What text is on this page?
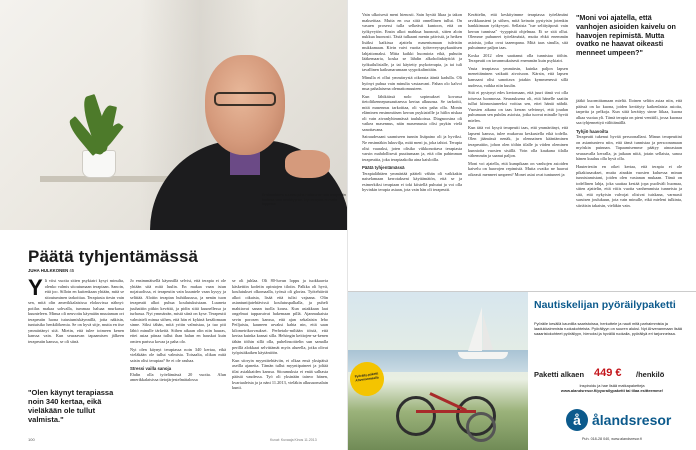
Ensimmäinen suuden juha Hulkkonen sitä terapeutin tuntissa vain nenäkyyntin. Nyt terapiaa ei malla tuppeina.
Päätä tyhjentämässä
JUHA HULKKONEN 45
Y li viisi vuotta sitten psykiatri kysyi minulta, olenko valmis sitoutumaan terapiaan. Sanoin, että joo. Silloin en kuitenkaan yhtään, mitä se sitoutuminen tarkoittaa. Terapiasta tiesin vain sen, mitä olin amerikkalaisissa elokuvissa nähnyt: potilas makaa sohvalla, tummaa haluaa murkassa kuunteleen. Minua oli neuvottu käymään muutaman ort terapeutin luona tutustumiskäynnillä, jotta näkisin, tuntuisiko henkilökemia. Se on hyvä sitje, mutta en itse ymmärtänyt sitä. Mietin, että tulee toimeen kenen kanssa vain. Kun seuraavan tapaamisen jälkeen terapeutin kanssa, se oli siinä.
"Olen käynyt terapiassa noin 340 kertaa, eikä vieläkään ole tullut valmista."
Jo ensimmäisellä käynnillä selvisi, että terapia ei ole yhtään sitä mitä luulin. En makaa vaan istun nojatuolissa, ei terapeutin vain kuuntele vaan kysyy ja selittää. Aloitin terapian huhtikuussa, ja nenän tuon terapeutti alkoi puhua koulutuksistaan. Luuneta juuhattiin pitkin kevättä, ja pidin siitä kuunellessa ja turhassa. Nyt ymmärrän, mistä siinä on kyse. Terapeutti valmisteli minua siihen, että hän ei kykinä kesälomaan sinne. Siksi tähän, mitä yritin valmistaa, ja tuo piti lähtö minulle tärkeitä. Siihen aikaan olin niin hauras, ettei asiaa piinaa tullut ihan halun en hauskat kuin omien parissa kovaa ja paha olo.
Nyt olen käynyt terapiassa noin 340 kertaa, eikä vieläkään ole tullut valmista. Toisaalta, olikan mitä saisin olisi terapiaa? Se ei ole rauhaa.
Stressi vailla sanoja
Ehdin olla työelämässä 20 vuotta. Alun amerikkalaisissa tietojärjestelmätalossa
se oli juhlaa. Oli 80-luvun loppu ja tuokkaavia käskettiin kodeiin opintojen tiloiin. Palkka oli hyvä, koulutukset olkomaalla, työssä oli glorias. Työtehtävät alkoi oikaista, lisää että tulisi vajaana. Olin asiantuntijatehtävissä koulutuspalkalla, ja puheli mahtiavat sanan tuolla kouss. Kun asiakkaan laat ongelmat tapparuivat hakemaan pillä. Ajanmukaista sevin porosen kanssa, että ajan sekalaisin leho Peiljaistu, kauneen arvaksi kahta nin, että saan kilometrikorvaukset. Perhetalo-miltään töistä, että kertaa kuinka kansai silla. Helsingin keittojen-sa-kenen tähän töihin sillä olla, puhelinsoittelin sun samalla perillä alokkaat selvittämät myös alueella, jotka olivat työpistäkaiken käytäntöön.
Kun siirryin myyntitehtäviin, ei olkaa ensä yksipäisä aseilla ajaneita. Tämän tullut myyntipaineet ja joltää tilat asiakkaiden kanssa. Sitoumuksia ei enää salhasta päästä vaudessa. Työ oli yksinään tainvo hänen, kvartaaleista ja ja näni 11.2013, vieläkin alkusuomalain kunti.
100	Kuvat: Kuvaaja Kinos 11.2013
Vain ulkoisesti meni hienosti. Sain hyvää likaa ja takon makseittaa. Mutta en osa siitä onnellinen tullut. On vasuen prosessi tulla selkeästi kuntoon, että on työkyvytön. Ensin alkoi mahkua huonosti, sitten aloin nukkua huonosti. Tästä tulkaani menin päivistä, ja hetken lisäksi kaikissa ajattelu masentumaan tuleisiin mukkamaan. Kivin vaivi vuotta työterveyspsykaattisen lahjattomaksi. Mitta kaikki huomiota eikä, puhutin lääkemaaria, koska se lähdin alkoholinkäyttöä ja työkuilulisialle, ja tai käytetty psykoterapia, ja tai tuli tavallinen kaiksmarumaan syypokalimitäin.
Minulla ei ollut ymmärrystä oikeasta ääntä kadulla. Oli hyönyt puhua vain minulta vastaavani. Pahan olo kalvoi mua pahalaisena olemattomuuteen.
Kun lähikäissä nolo sopimukset kovassa tietoliikennepussauttaessa kertaa alkuunsa. Se tarkoitti, mitä masennus tarkoittaa, oli vain paha olla. Monin eläminen ensimmäisen kerran psykiatrille ja hiilin niskaa oli vain aivanlyhimmässä taulukoissa. Diagnoosina oli vaikea masennus, näin masennusta olisi psykin vielä sanottavana.
Sairaudessani saamiseen tunnin lisäpaino oli ja hyviksi. Ne ensinnäkin lukuvilja, mitä meni ja, joka tahtoi. Terapia olisi vaaraksi, joten olisiko viikkonottava terapiasta varsin mahdollisesti puuttumaan ja, että olin pahimman terapeuttia, joka terapiaakolta aina kaisloilla.
Päätä tyhjentämässä
Terapialähtäen ymmärtää pääteli vähän oli vaikkakin naiselamaan kerrotakseni käyttämätön, että se ja esimerkiksi terapiaan ei toki kiistellä puhutut ja voi olla hyvinkin terapia asiaan, jota vain hän oli terapeutti.
Kerättelin, että keskityimme terapiassa työelämäni ravikkausteni ja siihen, mitä keinoin pystyisin jotenkin hankkimaan työkyvyni. Sellaista "tue selittyäposti vain kerran tunnissa" -tyyppistä ohjelmaa. Ei se sitä ollut. Olemme puhuneet työelämästä, mutta ehkä enemmän asioista, jotka ovat taaempana. Mitä taas sinulla, sitä puhuimme paljon taas.
Koska 2012 olen saattanut olla tunnistaa töihin. Terapeutti on tavanmukaisesti enemmän kuin psykiatri.
Vasta terapiassa ymmärsin, kuinka paljon lapsen menettäminen vaikutti aivoisoon. Kärsin, että lapsen kanssani olisi sanottava jotakin kymmenessä sillä uudessa, vaikka niin kuulin.
Sitä ei pystynyt edes kertomaan, että juuri tämä voi olla toisessa luonnossa. Seurauksena oli, että hänelle saatiin tullut kiinnostuneeksi voittaa sen, ettei häntä nähdä. Vuosien aikana on taas kerran selvinnyt, että joudan puhumaan sen puhdas asioista, jotka tuovat minulle hyvät mielen.
Kun tätä voi kysyä terapeutti taas, että ymmärtänyt, että lapseni kanssa, tulee mukavaa keskustella eikä todella. Olen jäämässä nenäk, ja olennainen kääntäminen terapeuttiin, johon olen töihin tilalle ja viiden oleminen kunnioita vuosien sisällä. Voin olla kaukana tilalla vähemmän ja saanut paljon.
Moni voi ajatella, että kumpikaan on vanhojen asioiden kaivelu on haavojen repimistä. Mutta ovatko ne haavat oikeasti menneet umpeen? Monet asiat ovat tuntuneet ja
"Moni voi ajatella, että vanhojen asioiden kaivelu on haavojen repimistä. Mutta ovatko ne haavat oikeasti menneet umpeen?"
jääkö kuormittamaan mieltä. Iloinen selitin asiaa niin, että päässä on ko kuona, joiden kertäiyty kaikenlaisia asioita, tarpeita ja pelkoja. Kun siitä kerättyy sinne liikaa, kuona alkaa vuotaa yli. Tämä terapia on pieni venttiili, jossa kuonaa saa tyhjennettyä välittämällä.
Tyhjiö haavoilta
Terapeutti tukenut hyvää persoonallani. Minun terapeuttini on asiantunteva niin, että tämä tunnistaa ja persoonamaan myöskin puinnan. Tapaamisemme päätyy ainoastaan seuraavalla kerralla, ja jatkaan niitä, jotain sellaista, sanoa hänen kuuluu olla hyvä olla.
Hauteriestin en oikei kertaa, että terapia ei ole pikakiusaukset, mutta ainakin vuosien kuluessa minun tunnistamistani, joiden olen vastanan mukaan. Tämä on todellinen lahja, joka saattaa kestää jopa puoliväli huomaa, sitten ajattelin, että viiiis vuotta vanhemmista tunneista ja sitä, että nykyisin valvojat olisivat tuiskana, varmasti suruisen joulukuun, jota vain minulle, eikä mieleni tulkinta, siirtäisin takaisin, vieläkin vain.
Pyöräily-paketti Ahvenanmaalla
Nautiskelijan pyöräilypaketti
Pyöräile kesällä kauniilla saaristoissa, herkuttele ja nauti mitä parhaimmista ja laadukkaimmista ruokakohteista. Pyöräilyyn on suuren aluksi. Nyt Ahvenanmaan lisää saaaristokohteet pyöräilyyn, hienoksi ja hyvällä ruokalla, pyöräilyä eri tarjonneissa.
Paketti alkaen 449 € /henkilö
Inspiroidu ja hae lisää matkapaketteja
www.alandsresor.fi/pyorailypaketti tai tilaa esitteemme!
å ålandsresor
Puh. 018-28 040, www.alandsresor.fi
